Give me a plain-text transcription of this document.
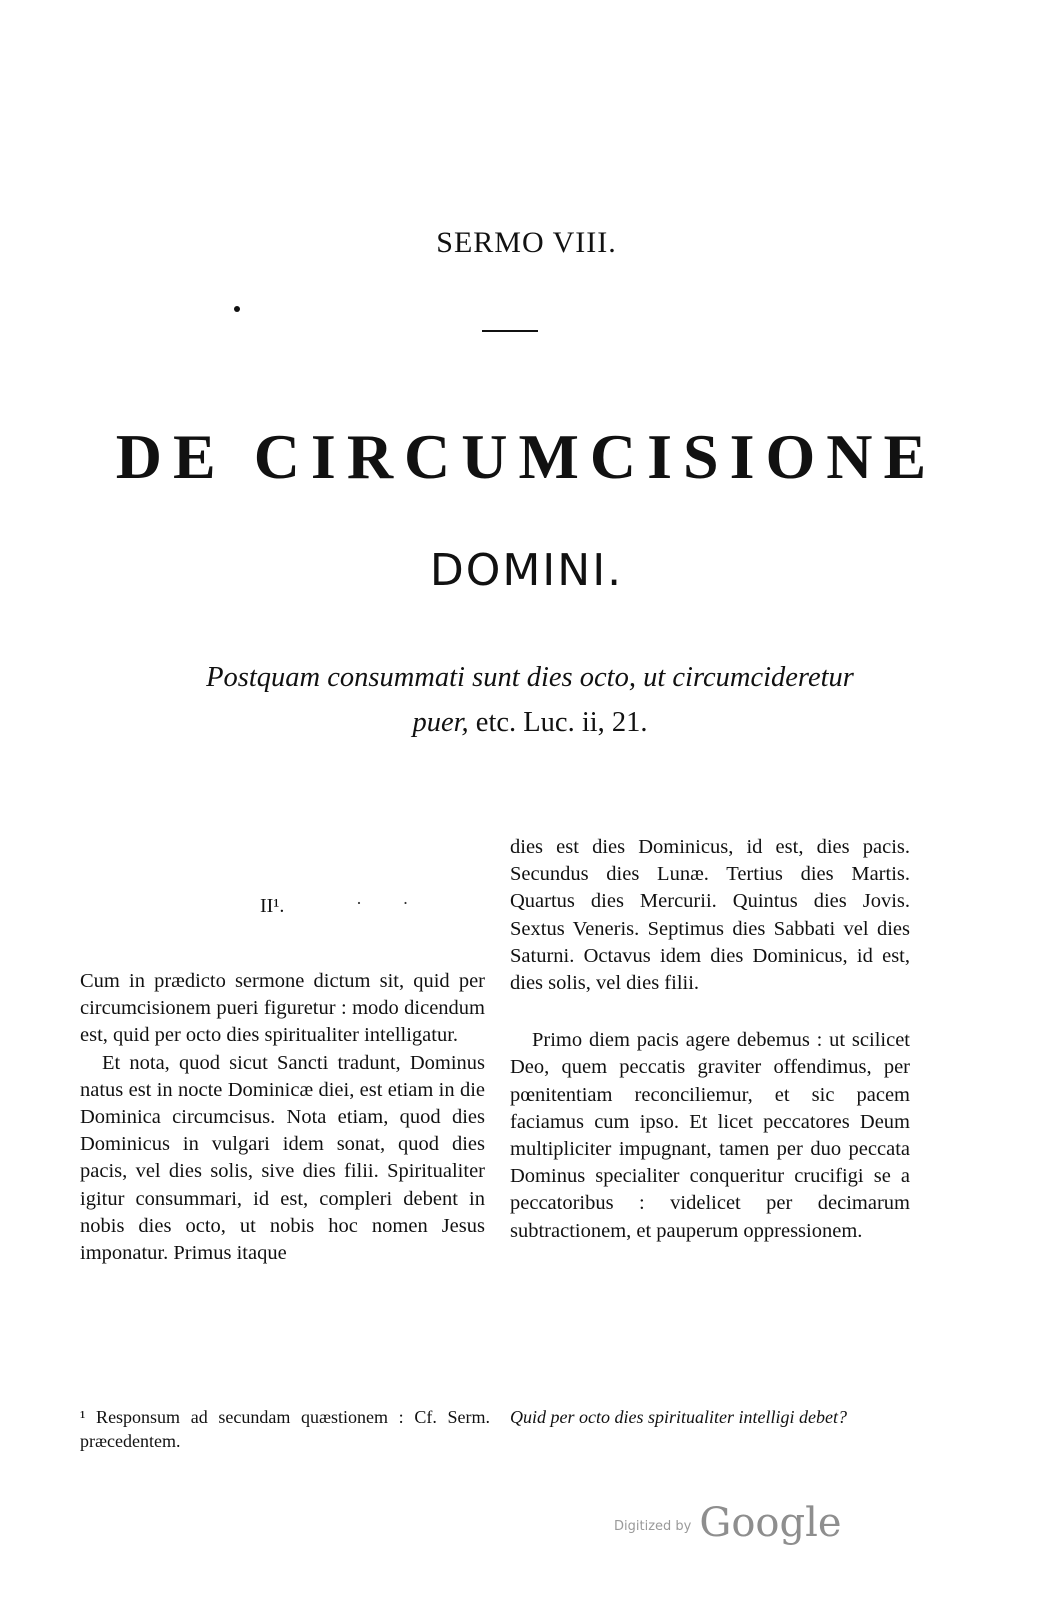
SERMO VIII.
DE CIRCUMCISIONE
DOMINI.
Postquam consummati sunt dies octo, ut circumcideretur
puer, etc. Luc. ii, 21.
II¹.	· ·

Cum in prædicto sermone dictum sit, quid per circumcisionem pueri figuretur : modo dicendum est, quid per octo dies spiritualiter intelligatur.

Et nota, quod sicut Sancti tradunt, Dominus natus est in nocte Dominicæ diei, est etiam in die Dominica circumcisus. Nota etiam, quod dies Dominicus in vulgari idem sonat, quod dies pacis, vel dies solis, sive dies filii. Spiritualiter igitur consummari, id est, compleri debent in nobis dies octo, ut nobis hoc nomen Jesus imponatur. Primus itaque

dies est dies Dominicus, id est, dies pacis. Secundus dies Lunæ. Tertius dies Martis. Quartus dies Mercurii. Quintus dies Jovis. Sextus Veneris. Septimus dies Sabbati vel dies Saturni. Octavus idem dies Dominicus, id est, dies solis, vel dies filii.

Primo diem pacis agere debemus : ut scilicet Deo, quem peccatis graviter offendimus, per pœnitentiam reconciliemur, et sic pacem faciamus cum ipso. Et licet peccatores Deum multipliciter impugnant, tamen per duo peccata Dominus specialiter conqueritur crucifigi se a peccatoribus : videlicet per decimarum subtractionem, et pauperum oppressionem.

¹ Responsum ad secundam quæstionem : Cf. Serm. præcedentem.
Quid per octo dies spiritualiter intelligi debet?
$^{Digitized by}$ Google
